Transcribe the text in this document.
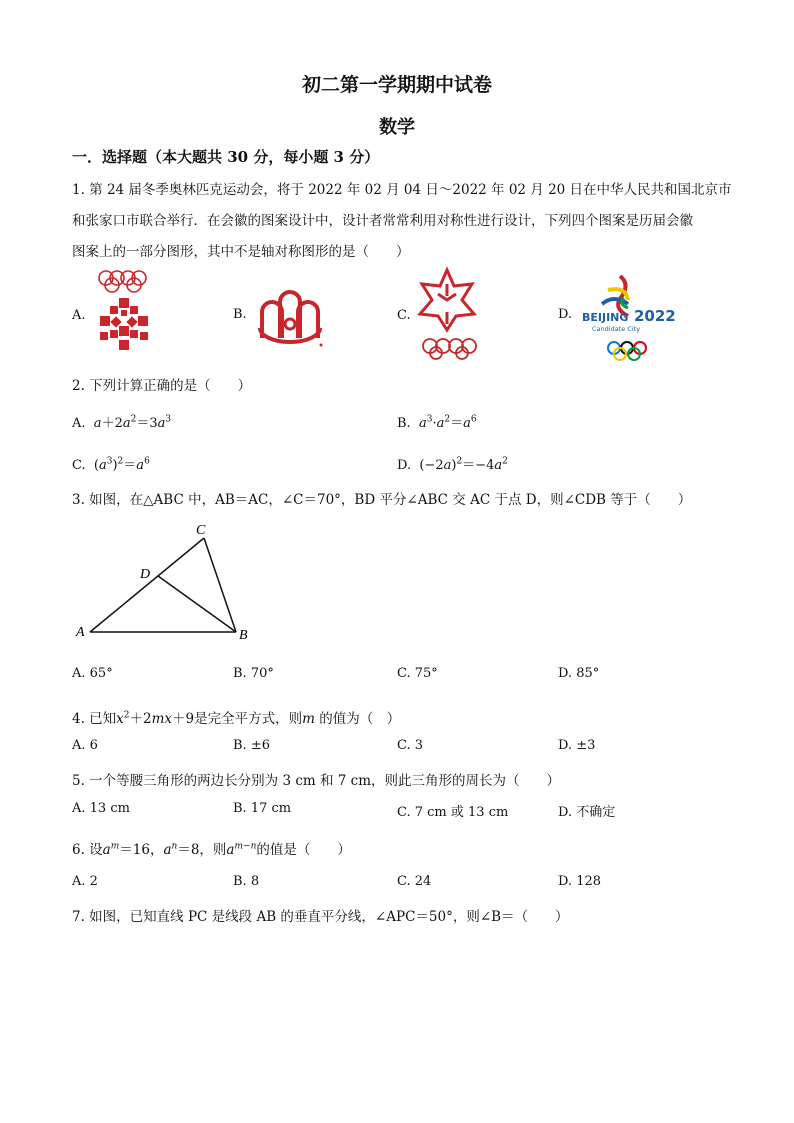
初二第一学期期中试卷
数学
一．选择题（本大题共 30 分，每小题 3 分）
1. 第 24 届冬季奥林匹克运动会，将于 2022 年 02 月 04 日～2022 年 02 月 20 日在中华人民共和国北京市
和张家口市联合举行．在会徽的图案设计中，设计者常常利用对称性进行设计，下列四个图案是历届会徽
图案上的一部分图形，其中不是轴对称图形的是（　　）
A.	B.	C.	D. BEIJING 2022
Candidate City
2. 下列计算正确的是（　　）
A. $a+2a^2=3a^3$	B. $a^3\cdot a^2=a^6$
C.  $(a^3)^2=a^6$	D.  $(-2a)^2=-4a^2$
3. 如图，在△ABC 中，AB＝AC，∠C＝70°，BD 平分∠ABC 交 AC 于点 D，则∠CDB 等于（　　）
A	B
C
D
A. 65°	B. 70°	C. 75°	D. 85°
4. 已知$x^2+2mx+9$是完全平方式，则m 的值为（　）
A. 6	B. ±6	C. 3	D. ±3
5. 一个等腰三角形的两边长分别为 3 cm 和 7 cm，则此三角形的周长为（　　）
A. 13 cm	B. 17 cm	C. 7 cm 或 13 cm	D. 不确定
6. 设$a^m=16$，$a^n=8$，则$a^{m-n}$的值是（　　）
A. 2	B. 8	C. 24	D. 128
7. 如图，已知直线 PC 是线段 AB 的垂直平分线，∠APC＝50°，则∠B＝（　　）
